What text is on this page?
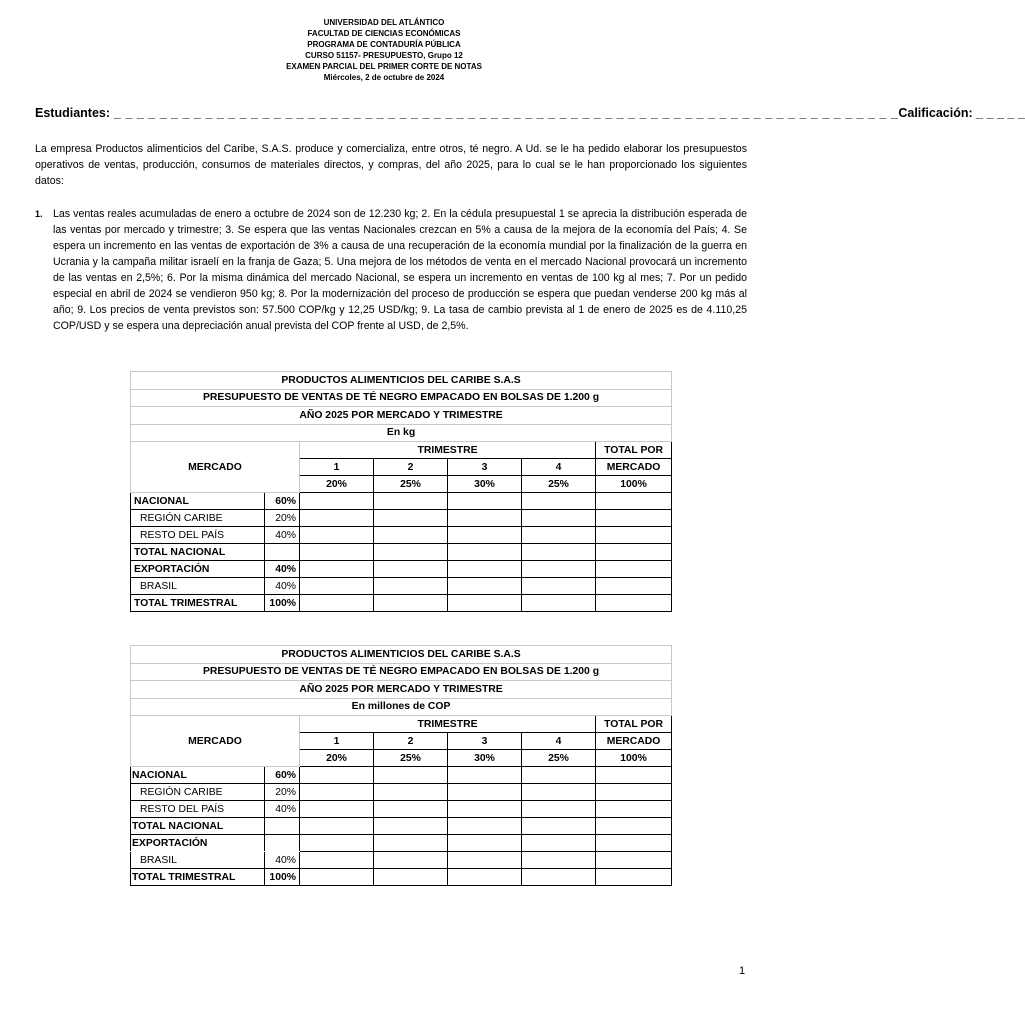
UNIVERSIDAD DEL ATLÁNTICO
FACULTAD DE CIENCIAS ECONÓMICAS
PROGRAMA DE CONTADURÍA PÚBLICA
CURSO 51157- PRESUPUESTO, Grupo 12
EXAMEN PARCIAL DEL PRIMER CORTE DE NOTAS
Miércoles, 2 de octubre de 2024
Estudiantes: _ _ _ _ _ _ _ _ _ _ _ _ _ _ _ _ _ _ _ _ _ _ _ _ _ _ _ _ _ _ _ _ _ _ _ _ _ _ _ _ _ _ _ _ _ _ _ _ _ _ _ _ _ _ _ _ _ _ _ _ _ _ _ _ _ _ _ _ _ Calificación: _ _ _ _ _
La empresa Productos alimenticios del Caribe, S.A.S. produce y comercializa, entre otros, té negro. A Ud. se le ha pedido elaborar los presupuestos operativos de ventas, producción, consumos de materiales directos, y compras, del año 2025, para lo cual se le han proporcionado los siguientes datos:
1. Las ventas reales acumuladas de enero a octubre de 2024 son de 12.230 kg; 2. En la cédula presupuestal 1 se aprecia la distribución esperada de las ventas por mercado y trimestre; 3. Se espera que las ventas Nacionales crezcan en 5% a causa de la mejora de la economía del País; 4. Se espera un incremento en las ventas de exportación de 3% a causa de una recuperación de la economía mundial por la finalización de la guerra en Ucrania y la campaña militar israelí en la franja de Gaza; 5. Una mejora de los métodos de venta en el mercado Nacional provocará un incremento de las ventas en 2,5%; 6. Por la misma dinámica del mercado Nacional, se espera un incremento en ventas de 100 kg al mes; 7. Por un pedido especial en abril de 2024 se vendieron 950 kg; 8. Por la modernización del proceso de producción se espera que puedan venderse 200 kg más al año; 9. Los precios de venta previstos son: 57.500 COP/kg y 12,25 USD/kg; 9. La tasa de cambio prevista al 1 de enero de 2025 es de 4.110,25 COP/USD y se espera una depreciación anual prevista del COP frente al USD, de 2,5%.
PRODUCTOS ALIMENTICIOS DEL CARIBE S.A.S						
PRESUPUESTO DE VENTAS DE TÉ NEGRO EMPACADO EN BOLSAS DE 1.200 g						
AÑO 2025 POR MERCADO Y TRIMESTRE						
En kg						
MERCADO		TRIMESTRE				TOTAL POR
		1	2	3	4	MERCADO
		20%	25%	30%	25%	100%
NACIONAL	60%					
REGIÓN CARIBE	20%					
RESTO DEL PAÍS	40%					
TOTAL NACIONAL						
EXPORTACIÓN	40%					
BRASIL	40%					
TOTAL TRIMESTRAL	100%					
PRODUCTOS ALIMENTICIOS DEL CARIBE S.A.S						
PRESUPUESTO DE VENTAS DE TÉ NEGRO EMPACADO EN BOLSAS DE 1.200 g						
AÑO 2025 POR MERCADO Y TRIMESTRE						
En millones de COP						
MERCADO		TRIMESTRE				TOTAL POR
		1	2	3	4	MERCADO
		20%	25%	30%	25%	100%
NACIONAL	60%					
REGIÓN CARIBE	20%					
RESTO DEL PAÍS	40%					
TOTAL NACIONAL						
EXPORTACIÓN						
BRASIL	40%					
TOTAL TRIMESTRAL	100%					
1
